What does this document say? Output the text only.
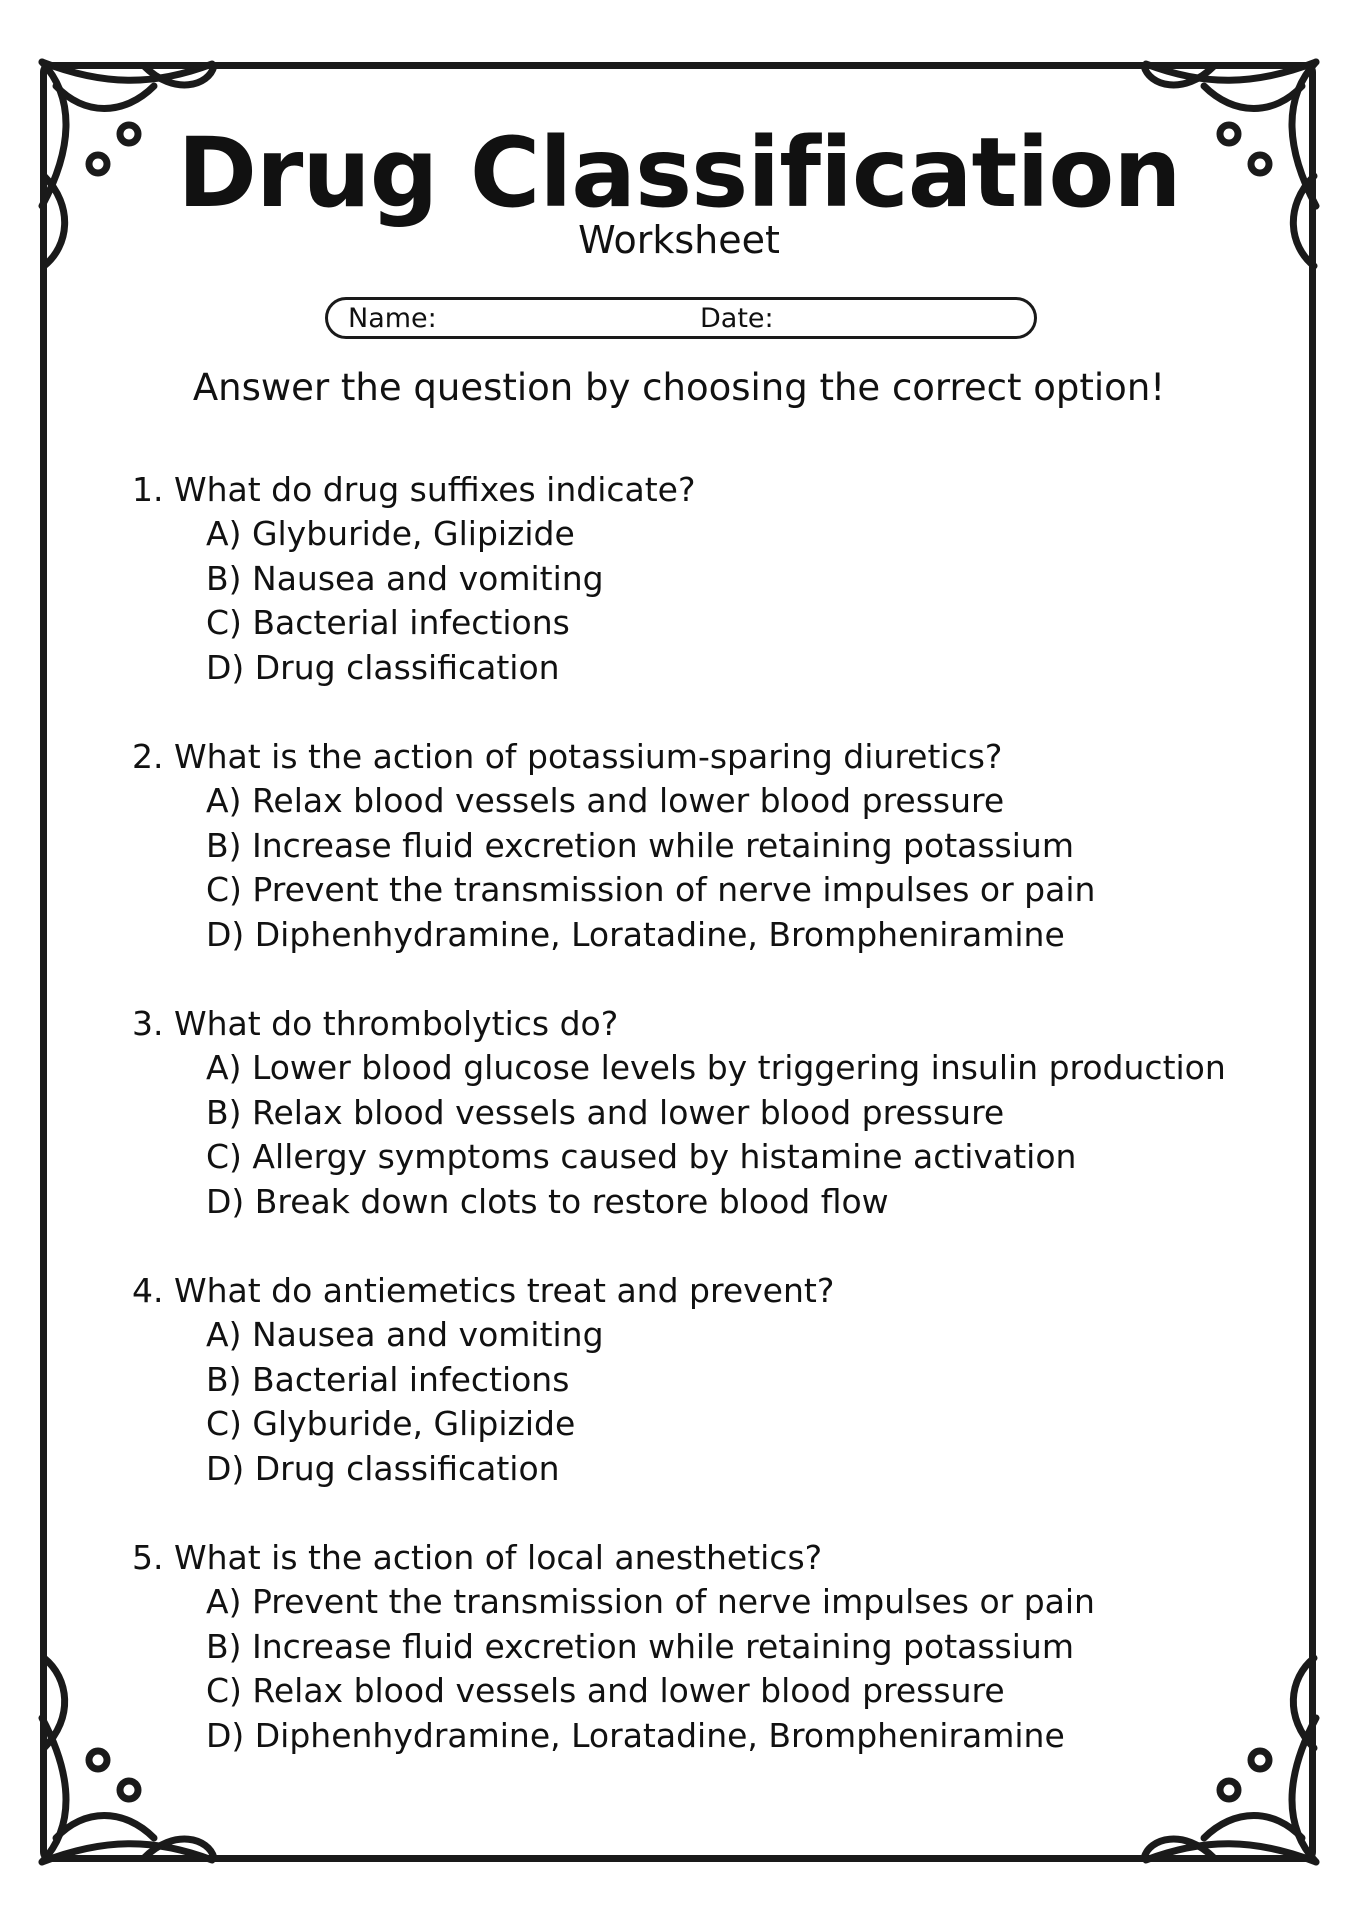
Drug Classification
Worksheet
Name:	Date:
Answer the question by choosing the correct option!
1. What do drug suffixes indicate?
A) Glyburide, Glipizide
B) Nausea and vomiting
C) Bacterial infections
D) Drug classification
2. What is the action of potassium-sparing diuretics?
A) Relax blood vessels and lower blood pressure
B) Increase fluid excretion while retaining potassium
C) Prevent the transmission of nerve impulses or pain
D) Diphenhydramine, Loratadine, Brompheniramine
3. What do thrombolytics do?
A) Lower blood glucose levels by triggering insulin production
B) Relax blood vessels and lower blood pressure
C) Allergy symptoms caused by histamine activation
D) Break down clots to restore blood flow
4. What do antiemetics treat and prevent?
A) Nausea and vomiting
B) Bacterial infections
C) Glyburide, Glipizide
D) Drug classification
5. What is the action of local anesthetics?
A) Prevent the transmission of nerve impulses or pain
B) Increase fluid excretion while retaining potassium
C) Relax blood vessels and lower blood pressure
D) Diphenhydramine, Loratadine, Brompheniramine
